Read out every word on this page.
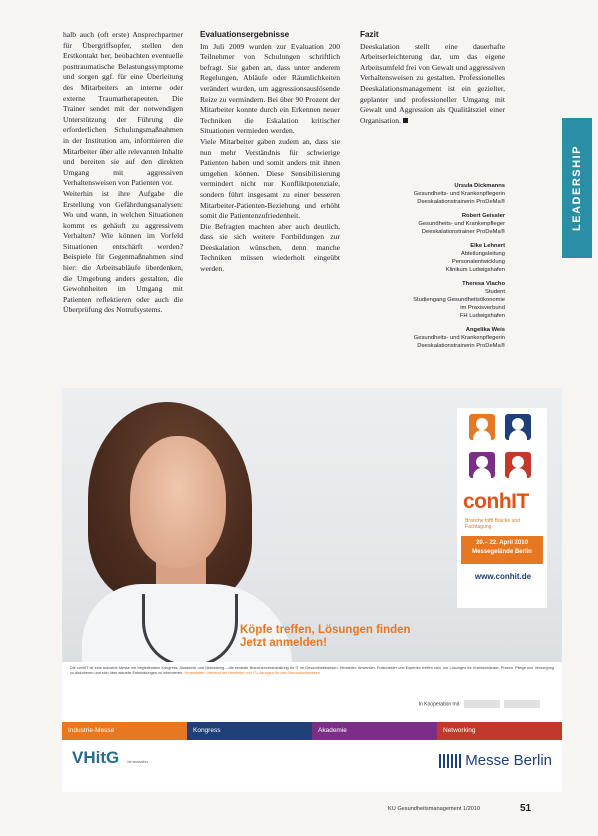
halb auch (oft erste) Ansprechpartner für Übergriffsopfer, stellen den Erstkontakt her, beobachten eventuelle posttraumatische Belastungssymptome und sorgen ggf. für eine Überleitung des Mitarbeiters an interne oder externe Traumatherapeuten. Die Trainer sendet mit der notwendigen Unterstützung der Führung die erforderlichen Schulungsmaßnahmen in der Institution am, informieren die Mitarbeiter über alle relevanten Inhalte und bereiten sie auf den direkten Umgang mit aggressiven Verhaltensweisen von Patienten vor.

Weiterhin ist ihre Aufgabe die Erstellung von Gefährdungsanalysen: Wo und wann, in welchen Situationen kommt es gehäuft zu aggressivem Verhalten? Wie können im Vorfeld Situationen entschärft werden? Beispiele für Gegenmaßnahmen sind hier: die Arbeitsabläufe überdenken, die Umgebung anders gestalten, die Gewohnheiten im Umgang mit Patienten reflektieren oder auch die Überprüfung des Notrufsystems.

Evaluationsergebnisse

Im Juli 2009 wurden zur Evaluation 200 Teilnehmer von Schulungen schriftlich befragt. Sie gaben an, dass unter anderem Regelungen, Abläufe oder Räumlichkeiten verändert wurden, um aggressionsauslösende Reize zu vermindern. Bei über 90 Prozent der Mitarbeiter konnte durch ein Erkennen neuer Techniken die Eskalation kritischer Situationen vermieden werden.

Viele Mitarbeiter gaben zudem an, dass sie nun mehr Verständnis für schwierige Patienten haben und somit anders mit ihnen umgehen können. Diese Sensibilisierung vermindert nicht nur Konfliktpotenziale, sondern führt insgesamt zu einer besseren Mitarbeiter-Patienten-Beziehung und erhöht somit die Patientenzufriedenheit.

Die Befragten machten aber auch deutlich, dass sie sich weitere Fortbildungen zur Deeskalation wünschen, denn manche Techniken müssen wiederholt eingeübt werden.

Fazit

Deeskalation stellt eine dauerhafte Arbeitserleichterung dar, um das eigene Arbeitsumfeld frei von Gewalt und aggressiven Verhaltensweisen zu gestalten. Professionelles Deeskalationsmanagement ist ein gezielter, geplanter und professioneller Umgang mit Gewalt und Aggression als Qualitätsziel einer Organisation.

Ursula Dickmanns
Gesundheits- und Krankenpflegerin
Deeskalationstrainerin ProDeMa®
Robert Geissler
Gesundheits- und Krankenpfleger
Deeskalationstrainer ProDeMa®
Elke Lehnert
Abteilungsleitung
Personalentwicklung
Klinikum Ludwigshafen
Theresa Vlacho
Student
Studiengang Gesundheitsökonomie
im Praxisverbund
FH Ludwigshafen
Angelika Weis
Gesundheits- und Krankenpflegerin
Deeskalationstrainerin ProDeMa®
LEADERSHIP
conhIT
Branche trifft Brücke und Fachtagung
20.– 22. April 2010
Messegelände Berlin
www.conhit.de
Köpfe treffen, Lösungen finden
Jetzt anmelden!
Die conhIT ist eine Industrie-Messe mit begleitendem Kongress, Akademie und Networking – die zentrale Branchenveranstaltung für IT im Gesundheitswesen. Hersteller, Anwender, Entscheider und Experten treffen sich, um Lösungen für Krankenhäuser, Praxen, Pflege und Versorgung zu diskutieren und sich über aktuelle Entwicklungen zu informieren. Veranstalter: Verband der Hersteller von IT-Lösungen für das Gesundheitswesen
In Kooperation mit
Industrie-Messe	Kongress	Akademie	Networking
VHitG Veranstalter	Messe Berlin
KU Gesundheitsmanagement 1/2010	51
